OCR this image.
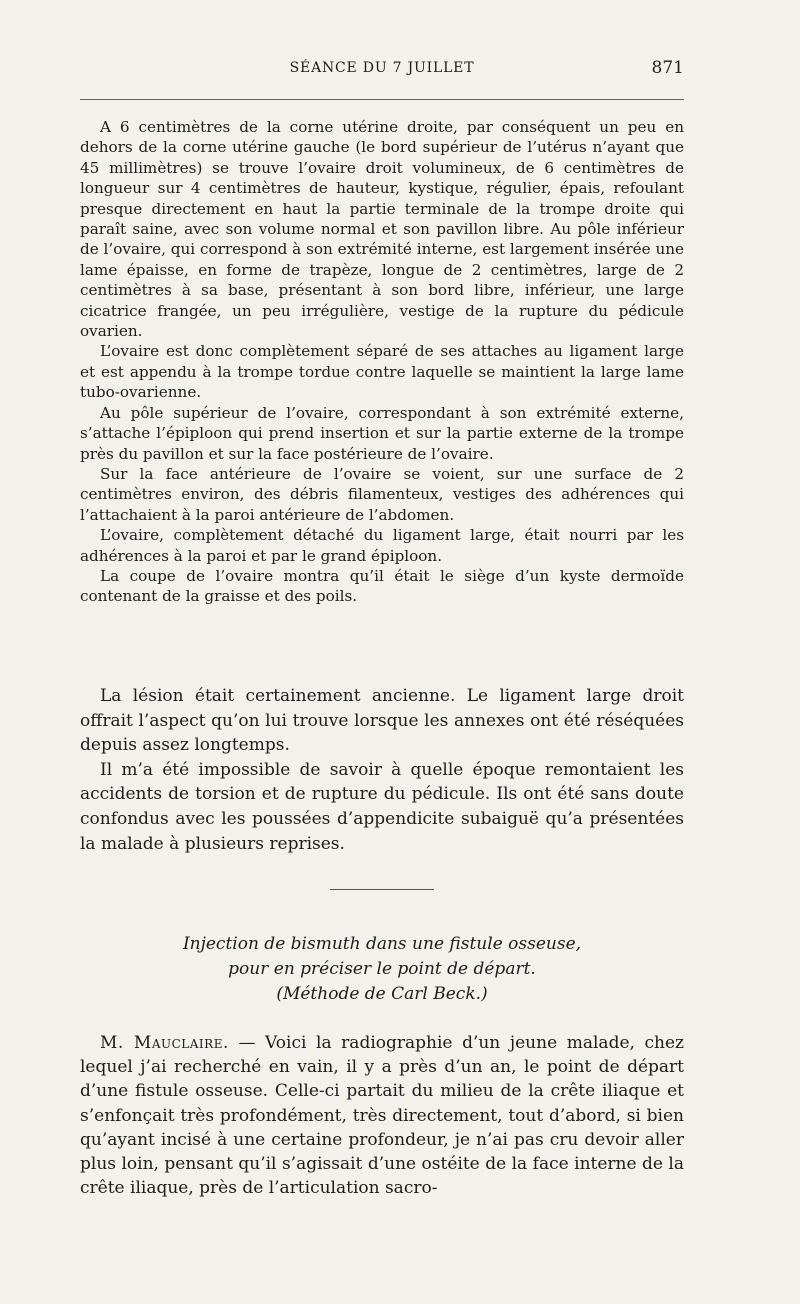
SÉANCE DU 7 JUILLET	871

A 6 centimètres de la corne utérine droite, par conséquent un peu en dehors de la corne utérine gauche (le bord supérieur de l’utérus n’ayant que 45 millimètres) se trouve l’ovaire droit volumineux, de 6 centimètres de longueur sur 4 centimètres de hauteur, kystique, régulier, épais, refoulant presque directement en haut la partie terminale de la trompe droite qui paraît saine, avec son volume normal et son pavillon libre. Au pôle inférieur de l’ovaire, qui correspond à son extrémité interne, est largement insérée une lame épaisse, en forme de trapèze, longue de 2 centimètres, large de 2 centimètres à sa base, présentant à son bord libre, inférieur, une large cicatrice frangée, un peu irrégulière, vestige de la rupture du pédicule ovarien.

L’ovaire est donc complètement séparé de ses attaches au ligament large et est appendu à la trompe tordue contre laquelle se maintient la large lame tubo-ovarienne.

Au pôle supérieur de l’ovaire, correspondant à son extrémité externe, s’attache l’épiploon qui prend insertion et sur la partie externe de la trompe près du pavillon et sur la face postérieure de l’ovaire.

Sur la face antérieure de l’ovaire se voient, sur une surface de 2 centimètres environ, des débris filamenteux, vestiges des adhérences qui l’attachaient à la paroi antérieure de l’abdomen.

L’ovaire, complètement détaché du ligament large, était nourri par les adhérences à la paroi et par le grand épiploon.

La coupe de l’ovaire montra qu’il était le siège d’un kyste dermoïde contenant de la graisse et des poils.

La lésion était certainement ancienne. Le ligament large droit offrait l’aspect qu’on lui trouve lorsque les annexes ont été réséquées depuis assez longtemps.

Il m’a été impossible de savoir à quelle époque remontaient les accidents de torsion et de rupture du pédicule. Ils ont été sans doute confondus avec les poussées d’appendicite subaiguë qu’a présentées la malade à plusieurs reprises.

Injection de bismuth dans une fistule osseuse,
pour en préciser le point de départ.
(Méthode de Carl Beck.)

M. Mauclaire. — Voici la radiographie d’un jeune malade, chez lequel j’ai recherché en vain, il y a près d’un an, le point de départ d’une fistule osseuse. Celle-ci partait du milieu de la crête iliaque et s’enfonçait très profondément, très directement, tout d’abord, si bien qu’ayant incisé à une certaine profondeur, je n’ai pas cru devoir aller plus loin, pensant qu’il s’agissait d’une ostéite de la face interne de la crête iliaque, près de l’articulation sacro-
